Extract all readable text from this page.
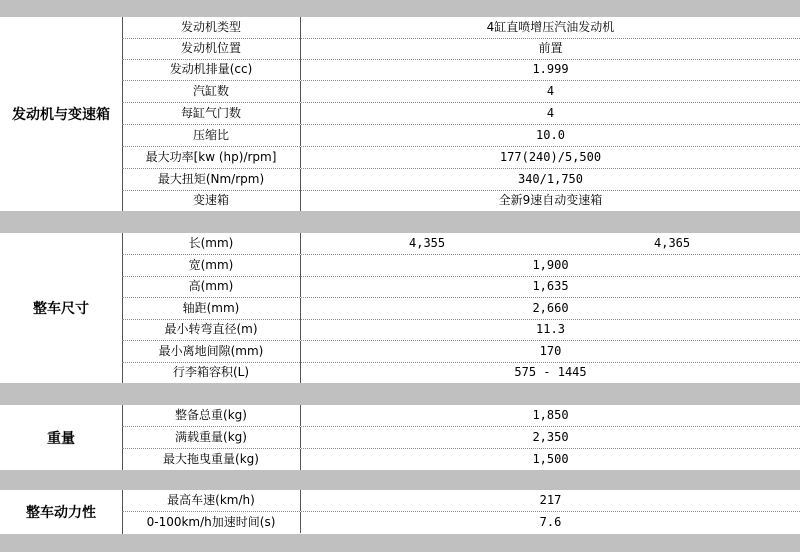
发动机与变速箱
发动机类型	4缸直喷增压汽油发动机
发动机位置	前置
发动机排量(cc)	1.999
汽缸数	4
每缸气门数	4
压缩比	10.0
最大功率[kw (hp)/rpm]	177(240)/5,500
最大扭矩(Nm/rpm)	340/1,750
变速箱	全新9速自动变速箱
整车尺寸
长(mm)	4,355	4,365
宽(mm)	1,900
高(mm)	1,635
轴距(mm)	2,660
最小转弯直径(m)	11.3
最小离地间隙(mm)	170
行李箱容积(L)	575 - 1445
重量
整备总重(kg)	1,850
满载重量(kg)	2,350
最大拖曳重量(kg)	1,500
整车动力性
最高车速(km/h)	217
0-100km/h加速时间(s)	7.6
